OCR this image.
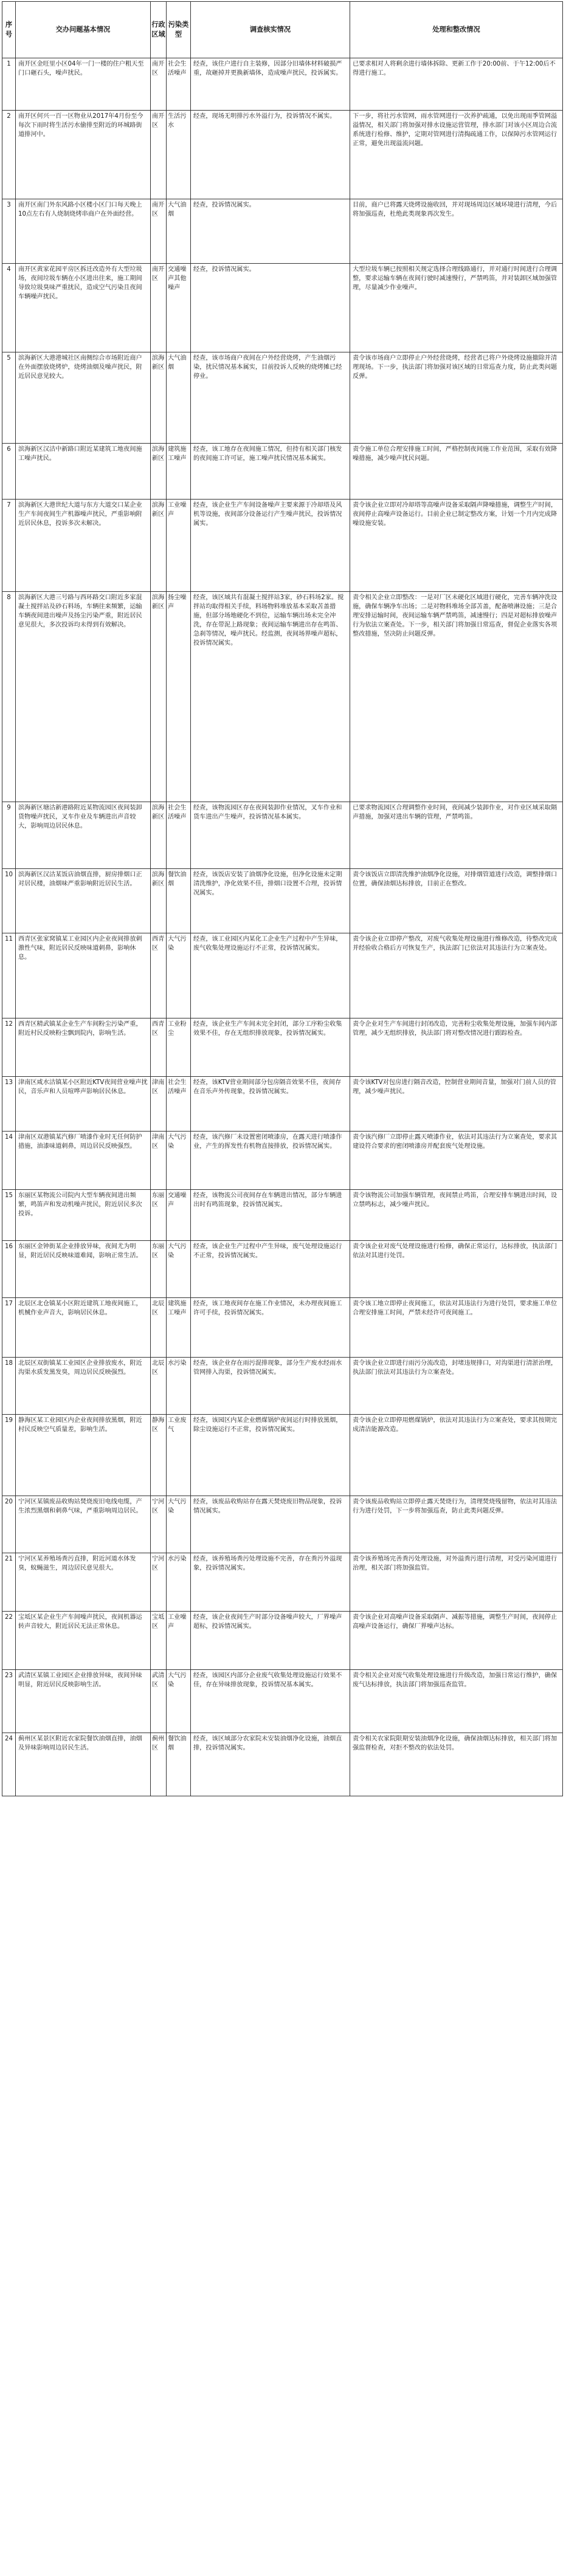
序号	交办问题基本情况	行政区域	污染类型	调查核实情况	处理和整改情况
1	南开区金旺里小区04年一门一楼的住户粗天至门口砸石头，噪声扰民。	南开区	社会生活噪声	经查，该住户进行自主装修，因部分旧墙体材料破损严重，故砸掉并更换新墙体，造成噪声扰民，投诉属实。	已要求相对人将剩余进行墙体拆除、更新工作于20:00前、于午12:00后不得进行施工。
2	南开区何兴一百一区物业从2017年4月份至今每次下雨时将生活污水偷排至附近的环城路街道排河中。	南开区	生活污水	经查，现场无明排污水外溢行为，投诉情况不属实。	下一步，将社污水管网，雨水管网进行一次养护疏通，以免出现雨季管网溢溢情况，相关部门将加强对排水设施运营管理，排水部门对该小区周边合流系统进行检修、维护，定期对管网进行清掏疏通工作，以保障污水管网运行正常，避免出现溢流问题。
3	南开区南门外东风路小区楼小区门口每天晚上10点左右有人烧制烧烤串商户在外面经营。	南开区	大气油烟	经查，投诉情况属实。	目前，商户已将露天烧烤设施收回，并对现场周边区域环境进行清理，今后将加强巡查，杜绝此类现象再次发生。
4	南开区黄家花园平房区拆迁改造外有大型垃圾场，夜间垃圾车辆在小区进出往来，施工期间导致垃圾臭味严重扰民，造成空气污染且夜间车辆噪声扰民。	南开区	交通噪声其他噪声	经查，投诉情况属实。	大型垃圾车辆已按照相关规定选择合理线路通行，并对通行时间进行合理调整，要求运输车辆在夜间行驶时减速慢行，严禁鸣笛，并对装卸区域加强管理，尽量减少作业噪声。
5	滨海新区大港港城社区南侧综合市场附近商户在外面摆放烧烤炉，烧烤油烟及噪声扰民，附近居民意见较大。	滨海新区	大气油烟	经查，该市场商户夜间在户外经营烧烤，产生油烟污染，扰民情况基本属实，目前投诉人反映的烧烤摊已经停业。	责令该市场商户立即停止户外经营烧烤，经营者已将户外烧烤设施撤除并清理现场。下一步，执法部门将加强对该区域的日常巡查力度，防止此类问题反弹。
6	滨海新区汉沽中新路口附近某建筑工地夜间施工噪声扰民。	滨海新区	建筑施工噪声	经查，该工地存在夜间施工情况，但持有相关部门核发的夜间施工许可证，施工噪声扰民情况基本属实。	责令施工单位合理安排施工时间，严格控制夜间施工作业范围，采取有效降噪措施，减少噪声扰民问题。
7	滨海新区大港世纪大道与东方大道交口某企业生产车间夜间生产机器噪声扰民，严重影响附近居民休息，投诉多次未解决。	滨海新区	工业噪声	经查，该企业生产车间设备噪声主要来源于冷却塔及风机等设施，夜间部分设备运行产生噪声扰民，投诉情况属实。	责令该企业立即对冷却塔等高噪声设备采取隔声降噪措施，调整生产时间，夜间停止高噪声设备运行。目前企业已制定整改方案，计划一个月内完成降噪设施安装。
8	滨海新区大港三号路与西环路交口附近多家混凝土搅拌站及砂石料场，车辆往来频繁，运输车辆夜间进出噪声及扬尘污染严重，附近居民意见很大，多次投诉均未得到有效解决。	滨海新区	扬尘噪声	经查，该区域共有混凝土搅拌站3家，砂石料场2家。搅拌站均取得相关手续，料场物料堆放基本采取苫盖措施，但部分场地硬化不到位，运输车辆出场未完全冲洗，存在带泥上路现象；夜间运输车辆进出存在鸣笛、急刹等情况，噪声扰民。经监测，夜间场界噪声超标，投诉情况属实。	责令相关企业立即整改：一是对厂区未硬化区域进行硬化，完善车辆冲洗设施，确保车辆净车出场；二是对物料堆场全部苫盖，配备喷淋设施；三是合理安排运输时间，夜间运输车辆严禁鸣笛，减速慢行；四是对超标排放噪声行为依法立案查处。下一步，相关部门将加强日常巡查，督促企业落实各项整改措施，坚决防止问题反弹。
9	滨海新区塘沽新港路附近某物流园区夜间装卸货物噪声扰民，叉车作业及车辆进出声音较大，影响周边居民休息。	滨海新区	社会生活噪声	经查，该物流园区存在夜间装卸作业情况，叉车作业和货车进出产生噪声，投诉情况基本属实。	已要求物流园区合理调整作业时间，夜间减少装卸作业，对作业区域采取隔声措施，加强对进出车辆的管理，严禁鸣笛。
10	滨海新区汉沽某饭店油烟直排，厨房排烟口正对居民楼，油烟味严重影响附近居民生活。	滨海新区	餐饮油烟	经查，该饭店安装了油烟净化设施，但净化设施未定期清洗维护，净化效果不佳，排烟口设置不合理，投诉情况属实。	责令该饭店立即清洗维护油烟净化设施，对排烟管道进行改造，调整排烟口位置，确保油烟达标排放，目前正在整改。
11	西青区张家窝镇某工业园区内企业夜间排放刺激性气味，附近居民反映味道刺鼻，影响休息。	西青区	大气污染	经查，该工业园区内某化工企业生产过程中产生异味，废气收集处理设施运行不正常，投诉情况属实。	责令该企业立即停产整改，对废气收集处理设施进行维修改造，待整改完成并经验收合格后方可恢复生产，执法部门已依法对其违法行为立案查处。
12	西青区精武镇某企业生产车间粉尘污染严重，附近村民反映粉尘飘到院内，影响生活。	西青区	工业粉尘	经查，该企业生产车间未完全封闭，部分工序粉尘收集效果不佳，存在无组织排放现象，投诉情况属实。	责令企业对生产车间进行封闭改造，完善粉尘收集处理设施，加强车间内部管理，减少无组织排放，执法部门将对整改情况进行跟踪检查。
13	津南区咸水沽镇某小区附近KTV夜间营业噪声扰民，音乐声和人员喧哗声影响居民休息。	津南区	社会生活噪声	经查，该KTV营业期间部分包房隔音效果不佳，夜间存在音乐声外传现象，投诉情况属实。	责令该KTV对包房进行隔音改造，控制营业期间音量，加强对门前人员的管理，减少噪声扰民。
14	津南区双港镇某汽修厂喷漆作业时无任何防护措施，油漆味道刺鼻，周边居民反映强烈。	津南区	大气污染	经查，该汽修厂未设置密闭喷漆房，在露天进行喷漆作业，产生的挥发性有机物直接排放，投诉情况属实。	责令该汽修厂立即停止露天喷漆作业，依法对其违法行为立案查处，要求其建设符合要求的密闭喷漆房并配套废气处理设施。
15	东丽区某物流公司院内大型车辆夜间进出频繁，鸣笛声和发动机噪声扰民，附近居民多次投诉。	东丽区	交通噪声	经查，该物流公司夜间存在车辆进出情况，部分车辆进出时有鸣笛现象，投诉情况属实。	责令该物流公司加强车辆管理，夜间禁止鸣笛，合理安排车辆进出时间，设立禁鸣标志，减少噪声扰民。
16	东丽区金钟街某企业排放异味，夜间尤为明显，附近居民反映味道难闻，影响正常生活。	东丽区	大气污染	经查，该企业生产过程中产生异味，废气处理设施运行不正常，投诉情况属实。	责令该企业对废气处理设施进行检修，确保正常运行，达标排放，执法部门依法对其进行处罚。
17	北辰区北仓镇某小区附近建筑工地夜间施工，机械作业声音大，影响居民休息。	北辰区	建筑施工噪声	经查，该工地夜间存在施工作业情况，未办理夜间施工许可手续，投诉情况属实。	责令该工地立即停止夜间施工，依法对其违法行为进行处罚，要求施工单位合理安排施工时间，严禁未经许可夜间施工。
18	北辰区双街镇某工业园区企业排放废水，附近沟渠水质发黑发臭，周边居民反映强烈。	北辰区	水污染	经查，该企业存在雨污混排现象，部分生产废水经雨水管网排入沟渠，投诉情况属实。	责令该企业立即进行雨污分流改造，封堵违规排口，对沟渠进行清淤治理，执法部门依法对其违法行为立案查处。
19	静海区某工业园区内企业夜间排放黑烟，附近村民反映空气质量差，影响生活。	静海区	工业废气	经查，该园区内某企业燃煤锅炉夜间运行时排放黑烟，除尘设施运行不正常，投诉情况属实。	责令该企业立即停用燃煤锅炉，依法对其违法行为立案查处，要求其按期完成清洁能源改造。
20	宁河区某镇废品收购站焚烧废旧电线电缆，产生浓烈黑烟和刺鼻气味，严重影响周边居民。	宁河区	大气污染	经查，该废品收购站存在露天焚烧废旧物品现象，投诉情况属实。	责令该废品收购站立即停止露天焚烧行为，清理焚烧残留物，依法对其违法行为进行处罚，下一步将加强巡查，防止此类问题反弹。
21	宁河区某养殖场粪污直排，附近河道水体发臭，蚊蝇滋生，周边居民意见很大。	宁河区	水污染	经查，该养殖场粪污处理设施不完善，存在粪污外溢现象，投诉情况属实。	责令该养殖场完善粪污处理设施，对外溢粪污进行清理，对受污染河道进行治理，相关部门将加强监管。
22	宝坻区某企业生产车间噪声扰民，夜间机器运转声音较大，附近居民无法正常休息。	宝坻区	工业噪声	经查，该企业夜间生产时部分设备噪声较大，厂界噪声超标，投诉情况属实。	责令该企业对高噪声设备采取隔声、减振等措施，调整生产时间，夜间停止高噪声设备运行，确保厂界噪声达标。
23	武清区某镇工业园区企业排放异味，夜间异味明显，附近居民反映影响生活。	武清区	大气污染	经查，该园区内部分企业废气收集处理设施运行效果不佳，存在异味排放现象，投诉情况基本属实。	责令相关企业对废气收集处理设施进行升级改造，加强日常运行维护，确保废气达标排放，执法部门将加强巡查监管。
24	蓟州区某景区附近农家院餐饮油烟直排，油烟及异味影响周边居民生活。	蓟州区	餐饮油烟	经查，该区域部分农家院未安装油烟净化设施，油烟直排，投诉情况属实。	责令相关农家院限期安装油烟净化设施，确保油烟达标排放，相关部门将加强监督检查，对拒不整改的依法处罚。
